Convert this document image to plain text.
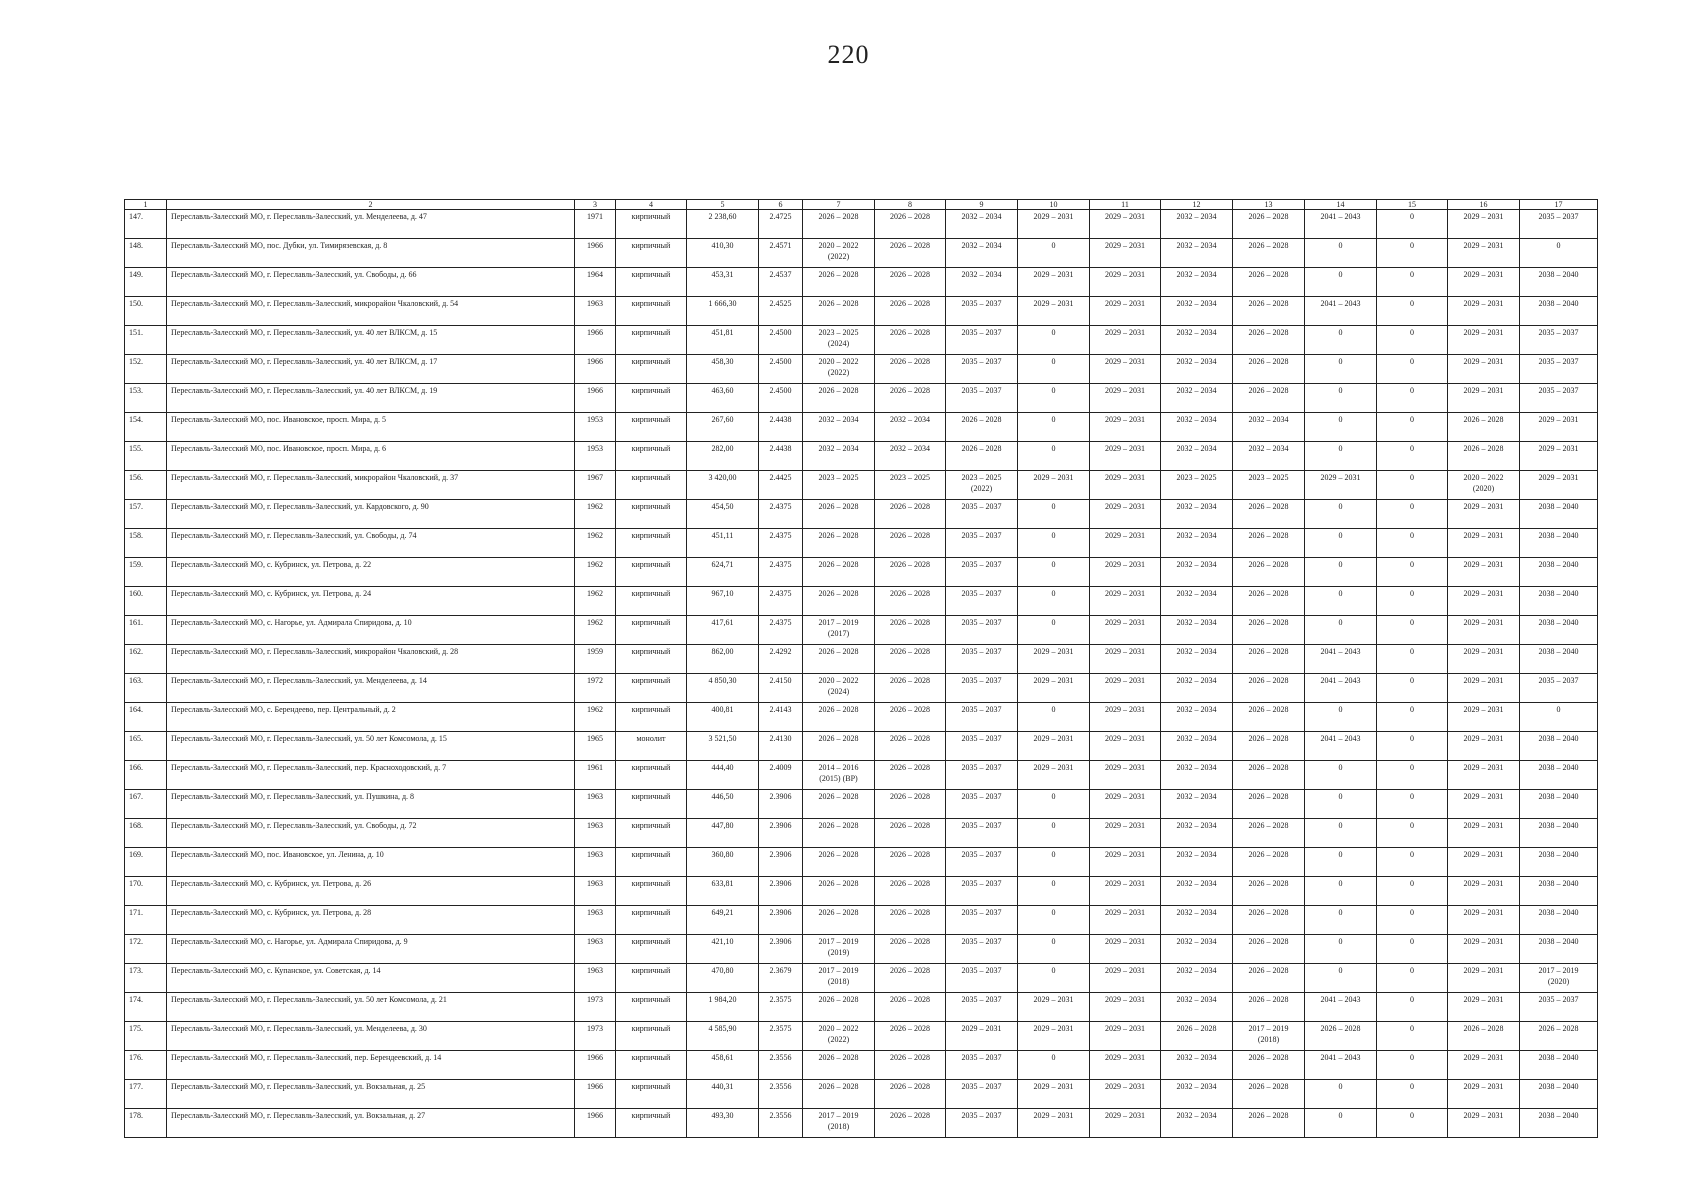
220
1	2	3	4	5	6	7	8	9	10	11	12	13	14	15	16	17
147.	Переславль-Залесский МО, г. Переславль-Залесский, ул. Менделеева, д. 47	1971	кирпичный	2 238,60	2.4725	2026 – 2028	2026 – 2028	2032 – 2034	2029 – 2031	2029 – 2031	2032 – 2034	2026 – 2028	2041 – 2043	0	2029 – 2031	2035 – 2037
148.	Переславль-Залесский МО, пос. Дубки, ул. Тимирязевская, д. 8	1966	кирпичный	410,30	2.4571	2020 – 2022
(2022)	2026 – 2028	2032 – 2034	0	2029 – 2031	2032 – 2034	2026 – 2028	0	0	2029 – 2031	0
149.	Переславль-Залесский МО, г. Переславль-Залесский, ул. Свободы, д. 66	1964	кирпичный	453,31	2.4537	2026 – 2028	2026 – 2028	2032 – 2034	2029 – 2031	2029 – 2031	2032 – 2034	2026 – 2028	0	0	2029 – 2031	2038 – 2040
150.	Переславль-Залесский МО, г. Переславль-Залесский, микрорайон Чкаловский, д. 54	1963	кирпичный	1 666,30	2.4525	2026 – 2028	2026 – 2028	2035 – 2037	2029 – 2031	2029 – 2031	2032 – 2034	2026 – 2028	2041 – 2043	0	2029 – 2031	2038 – 2040
151.	Переславль-Залесский МО, г. Переславль-Залесский, ул. 40 лет ВЛКСМ, д. 15	1966	кирпичный	451,81	2.4500	2023 – 2025
(2024)	2026 – 2028	2035 – 2037	0	2029 – 2031	2032 – 2034	2026 – 2028	0	0	2029 – 2031	2035 – 2037
152.	Переславль-Залесский МО, г. Переславль-Залесский, ул. 40 лет ВЛКСМ, д. 17	1966	кирпичный	458,30	2.4500	2020 – 2022
(2022)	2026 – 2028	2035 – 2037	0	2029 – 2031	2032 – 2034	2026 – 2028	0	0	2029 – 2031	2035 – 2037
153.	Переславль-Залесский МО, г. Переславль-Залесский, ул. 40 лет ВЛКСМ, д. 19	1966	кирпичный	463,60	2.4500	2026 – 2028	2026 – 2028	2035 – 2037	0	2029 – 2031	2032 – 2034	2026 – 2028	0	0	2029 – 2031	2035 – 2037
154.	Переславль-Залесский МО, пос. Ивановское, просп. Мира, д. 5	1953	кирпичный	267,60	2.4438	2032 – 2034	2032 – 2034	2026 – 2028	0	2029 – 2031	2032 – 2034	2032 – 2034	0	0	2026 – 2028	2029 – 2031
155.	Переславль-Залесский МО, пос. Ивановское, просп. Мира, д. 6	1953	кирпичный	282,00	2.4438	2032 – 2034	2032 – 2034	2026 – 2028	0	2029 – 2031	2032 – 2034	2032 – 2034	0	0	2026 – 2028	2029 – 2031
156.	Переславль-Залесский МО, г. Переславль-Залесский, микрорайон Чкаловский, д. 37	1967	кирпичный	3 420,00	2.4425	2023 – 2025	2023 – 2025	2023 – 2025
(2022)	2029 – 2031	2029 – 2031	2023 – 2025	2023 – 2025	2029 – 2031	0	2020 – 2022
(2020)	2029 – 2031
157.	Переславль-Залесский МО, г. Переславль-Залесский, ул. Кардовского, д. 90	1962	кирпичный	454,50	2.4375	2026 – 2028	2026 – 2028	2035 – 2037	0	2029 – 2031	2032 – 2034	2026 – 2028	0	0	2029 – 2031	2038 – 2040
158.	Переславль-Залесский МО, г. Переславль-Залесский, ул. Свободы, д. 74	1962	кирпичный	451,11	2.4375	2026 – 2028	2026 – 2028	2035 – 2037	0	2029 – 2031	2032 – 2034	2026 – 2028	0	0	2029 – 2031	2038 – 2040
159.	Переславль-Залесский МО, с. Кубринск, ул. Петрова, д. 22	1962	кирпичный	624,71	2.4375	2026 – 2028	2026 – 2028	2035 – 2037	0	2029 – 2031	2032 – 2034	2026 – 2028	0	0	2029 – 2031	2038 – 2040
160.	Переславль-Залесский МО, с. Кубринск, ул. Петрова, д. 24	1962	кирпичный	967,10	2.4375	2026 – 2028	2026 – 2028	2035 – 2037	0	2029 – 2031	2032 – 2034	2026 – 2028	0	0	2029 – 2031	2038 – 2040
161.	Переславль-Залесский МО, с. Нагорье, ул. Адмирала Спиридова, д. 10	1962	кирпичный	417,61	2.4375	2017 – 2019
(2017)	2026 – 2028	2035 – 2037	0	2029 – 2031	2032 – 2034	2026 – 2028	0	0	2029 – 2031	2038 – 2040
162.	Переславль-Залесский МО, г. Переславль-Залесский, микрорайон Чкаловский, д. 28	1959	кирпичный	862,00	2.4292	2026 – 2028	2026 – 2028	2035 – 2037	2029 – 2031	2029 – 2031	2032 – 2034	2026 – 2028	2041 – 2043	0	2029 – 2031	2038 – 2040
163.	Переславль-Залесский МО, г. Переславль-Залесский, ул. Менделеева, д. 14	1972	кирпичный	4 850,30	2.4150	2020 – 2022
(2024)	2026 – 2028	2035 – 2037	2029 – 2031	2029 – 2031	2032 – 2034	2026 – 2028	2041 – 2043	0	2029 – 2031	2035 – 2037
164.	Переславль-Залесский МО, с. Берендеево, пер. Центральный, д. 2	1962	кирпичный	400,81	2.4143	2026 – 2028	2026 – 2028	2035 – 2037	0	2029 – 2031	2032 – 2034	2026 – 2028	0	0	2029 – 2031	0
165.	Переславль-Залесский МО, г. Переславль-Залесский, ул. 50 лет Комсомола, д. 15	1965	монолит	3 521,50	2.4130	2026 – 2028	2026 – 2028	2035 – 2037	2029 – 2031	2029 – 2031	2032 – 2034	2026 – 2028	2041 – 2043	0	2029 – 2031	2038 – 2040
166.	Переславль-Залесский МО, г. Переславль-Залесский, пер. Красноходовский, д. 7	1961	кирпичный	444,40	2.4009	2014 – 2016
(2015) (ВР)	2026 – 2028	2035 – 2037	2029 – 2031	2029 – 2031	2032 – 2034	2026 – 2028	0	0	2029 – 2031	2038 – 2040
167.	Переславль-Залесский МО, г. Переславль-Залесский, ул. Пушкина, д. 8	1963	кирпичный	446,50	2.3906	2026 – 2028	2026 – 2028	2035 – 2037	0	2029 – 2031	2032 – 2034	2026 – 2028	0	0	2029 – 2031	2038 – 2040
168.	Переславль-Залесский МО, г. Переславль-Залесский, ул. Свободы, д. 72	1963	кирпичный	447,80	2.3906	2026 – 2028	2026 – 2028	2035 – 2037	0	2029 – 2031	2032 – 2034	2026 – 2028	0	0	2029 – 2031	2038 – 2040
169.	Переславль-Залесский МО, пос. Ивановское, ул. Ленина, д. 10	1963	кирпичный	360,80	2.3906	2026 – 2028	2026 – 2028	2035 – 2037	0	2029 – 2031	2032 – 2034	2026 – 2028	0	0	2029 – 2031	2038 – 2040
170.	Переславль-Залесский МО, с. Кубринск, ул. Петрова, д. 26	1963	кирпичный	633,81	2.3906	2026 – 2028	2026 – 2028	2035 – 2037	0	2029 – 2031	2032 – 2034	2026 – 2028	0	0	2029 – 2031	2038 – 2040
171.	Переславль-Залесский МО, с. Кубринск, ул. Петрова, д. 28	1963	кирпичный	649,21	2.3906	2026 – 2028	2026 – 2028	2035 – 2037	0	2029 – 2031	2032 – 2034	2026 – 2028	0	0	2029 – 2031	2038 – 2040
172.	Переславль-Залесский МО, с. Нагорье, ул. Адмирала Спиридова, д. 9	1963	кирпичный	421,10	2.3906	2017 – 2019
(2019)	2026 – 2028	2035 – 2037	0	2029 – 2031	2032 – 2034	2026 – 2028	0	0	2029 – 2031	2038 – 2040
173.	Переславль-Залесский МО, с. Купанское, ул. Советская, д. 14	1963	кирпичный	470,80	2.3679	2017 – 2019
(2018)	2026 – 2028	2035 – 2037	0	2029 – 2031	2032 – 2034	2026 – 2028	0	0	2029 – 2031	2017 – 2019
(2020)

174.	Переславль-Залесский МО, г. Переславль-Залесский, ул. 50 лет Комсомола, д. 21	1973	кирпичный	1 984,20	2.3575	2026 – 2028	2026 – 2028	2035 – 2037	2029 – 2031	2029 – 2031	2032 – 2034	2026 – 2028	2041 – 2043	0	2029 – 2031	2035 – 2037
175.	Переславль-Залесский МО, г. Переславль-Залесский, ул. Менделеева, д. 30	1973	кирпичный	4 585,90	2.3575	2020 – 2022
(2022)	2026 – 2028	2029 – 2031	2029 – 2031	2029 – 2031	2026 – 2028	2017 – 2019
(2018)	2026 – 2028	0	2026 – 2028	2026 – 2028
176.	Переславль-Залесский МО, г. Переславль-Залесский, пер. Берендеевский, д. 14	1966	кирпичный	458,61	2.3556	2026 – 2028	2026 – 2028	2035 – 2037	0	2029 – 2031	2032 – 2034	2026 – 2028	2041 – 2043	0	2029 – 2031	2038 – 2040
177.	Переславль-Залесский МО, г. Переславль-Залесский, ул. Вокзальная, д. 25	1966	кирпичный	440,31	2.3556	2026 – 2028	2026 – 2028	2035 – 2037	2029 – 2031	2029 – 2031	2032 – 2034	2026 – 2028	0	0	2029 – 2031	2038 – 2040
178.	Переславль-Залесский МО, г. Переславль-Залесский, ул. Вокзальная, д. 27	1966	кирпичный	493,30	2.3556	2017 – 2019
(2018)	2026 – 2028	2035 – 2037	2029 – 2031	2029 – 2031	2032 – 2034	2026 – 2028	0	0	2029 – 2031	2038 – 2040
